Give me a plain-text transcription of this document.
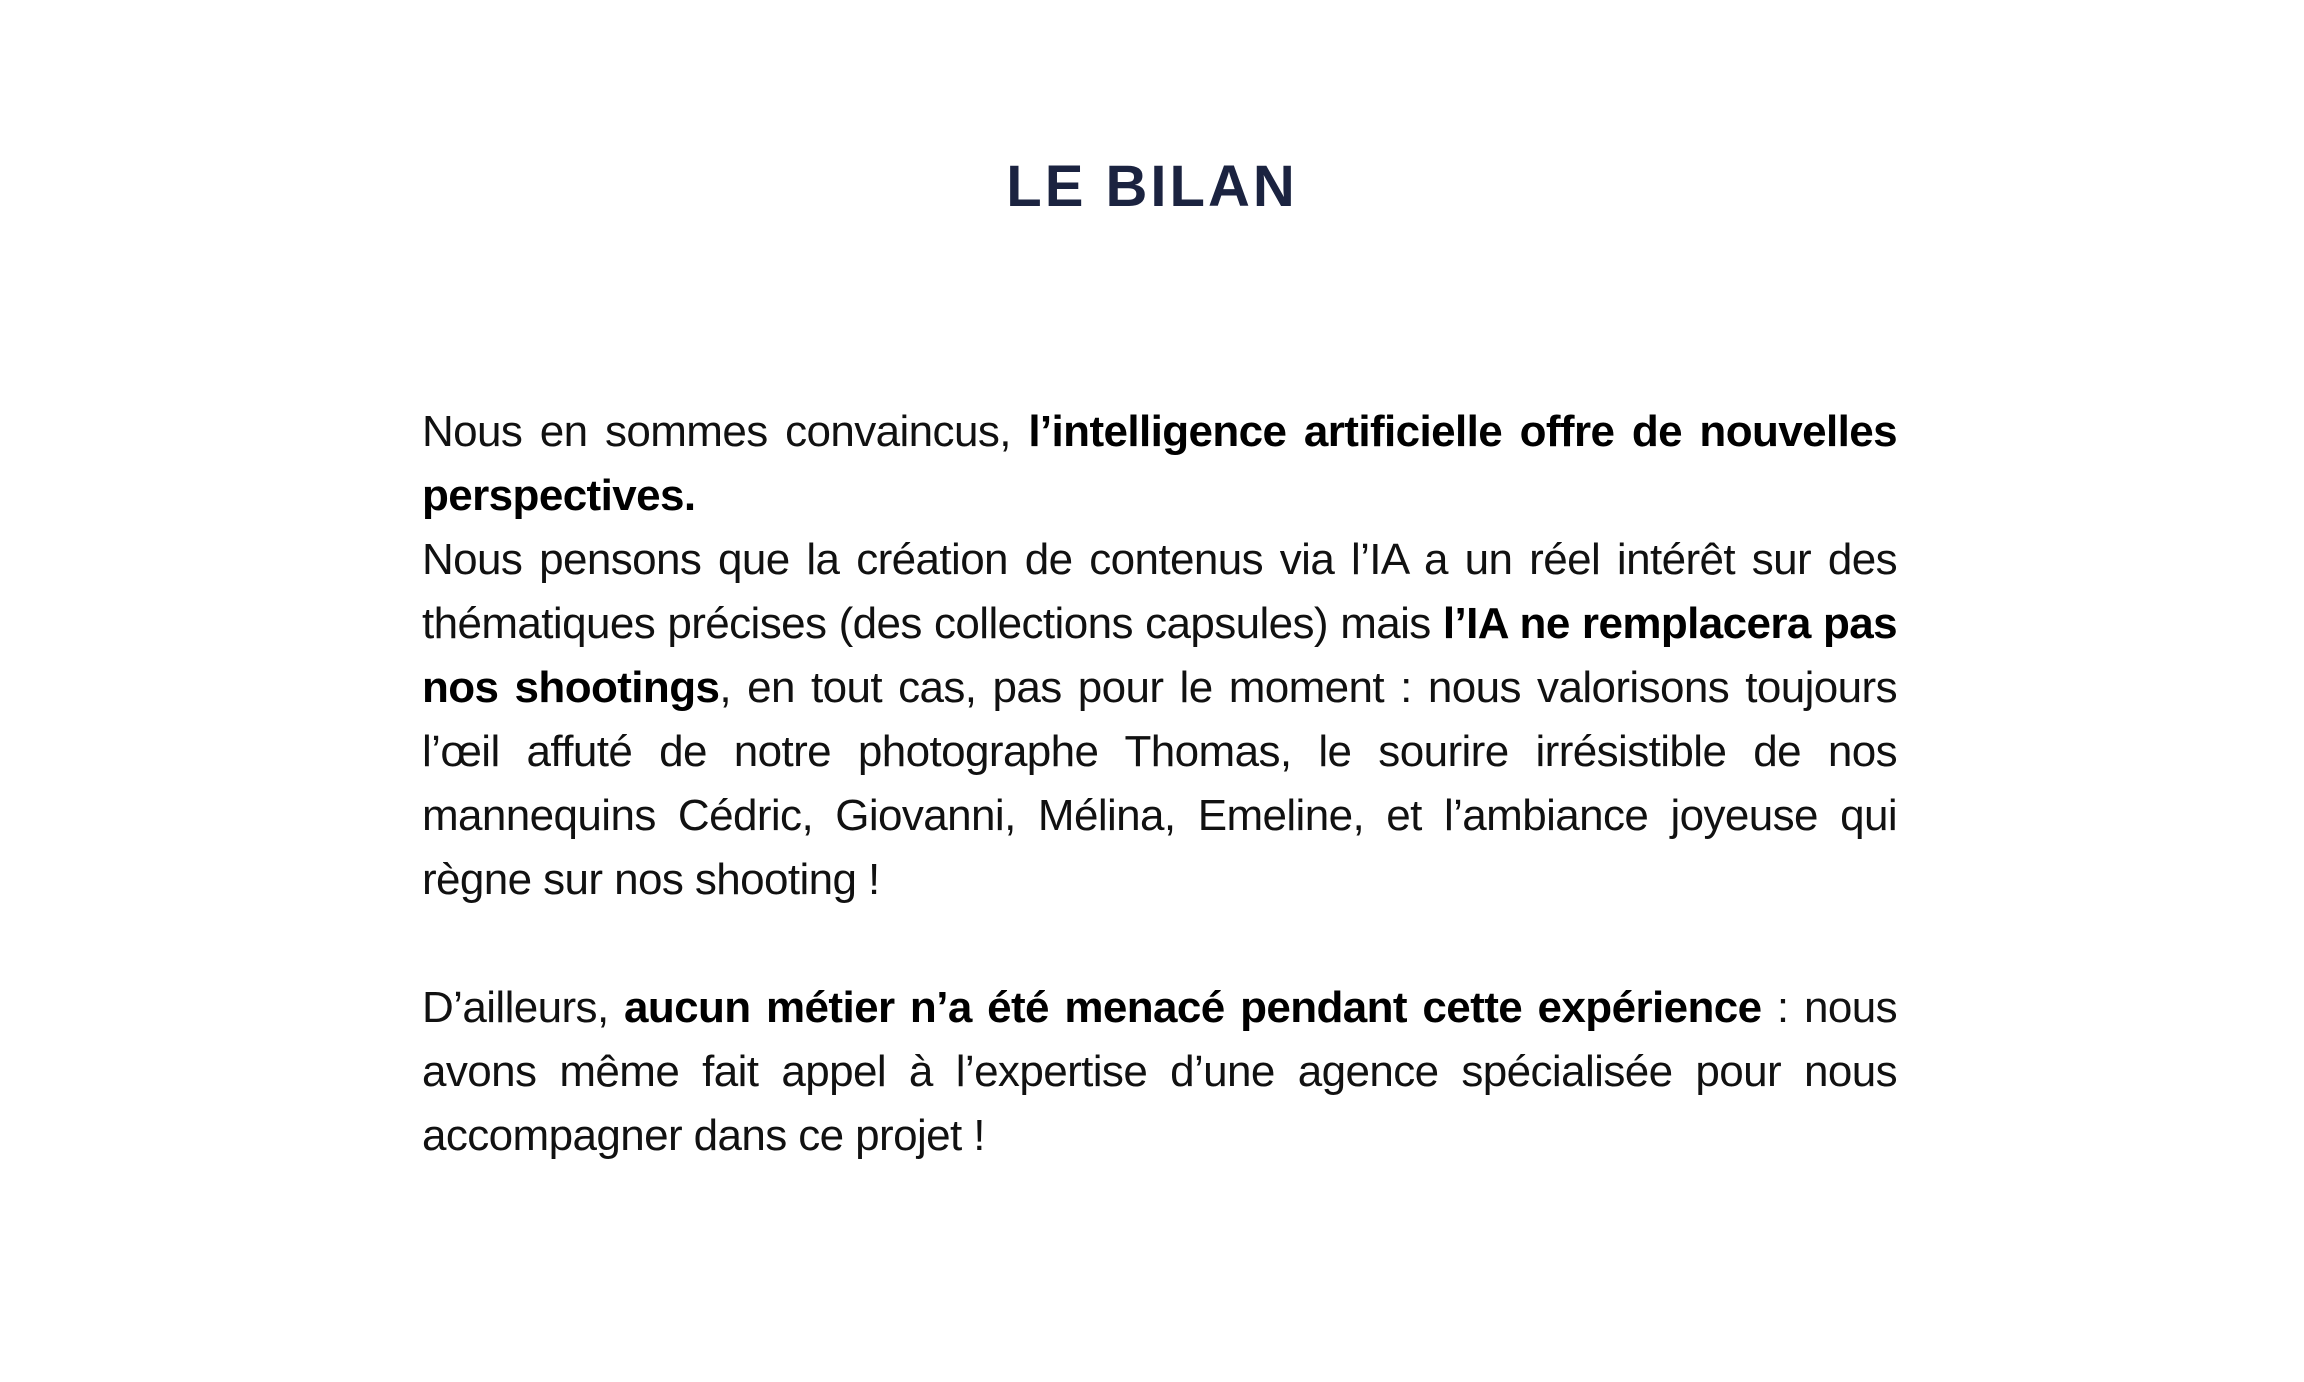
LE BILAN

Nous en sommes convaincus, l’intelligence artificielle offre de nouvelles perspectives.

Nous pensons que la création de contenus via l’IA a un réel intérêt sur des thématiques précises (des collections capsules) mais l’IA ne remplacera pas nos shootings, en tout cas, pas pour le moment : nous valorisons toujours l’œil affuté de notre photographe Thomas, le sourire irrésistible de nos mannequins Cédric, Giovanni, Mélina, Emeline, et l’ambiance joyeuse qui règne sur nos shooting !

D’ailleurs, aucun métier n’a été menacé pendant cette expérience : nous avons même fait appel à l’expertise d’une agence spécialisée pour nous accompagner dans ce projet !
